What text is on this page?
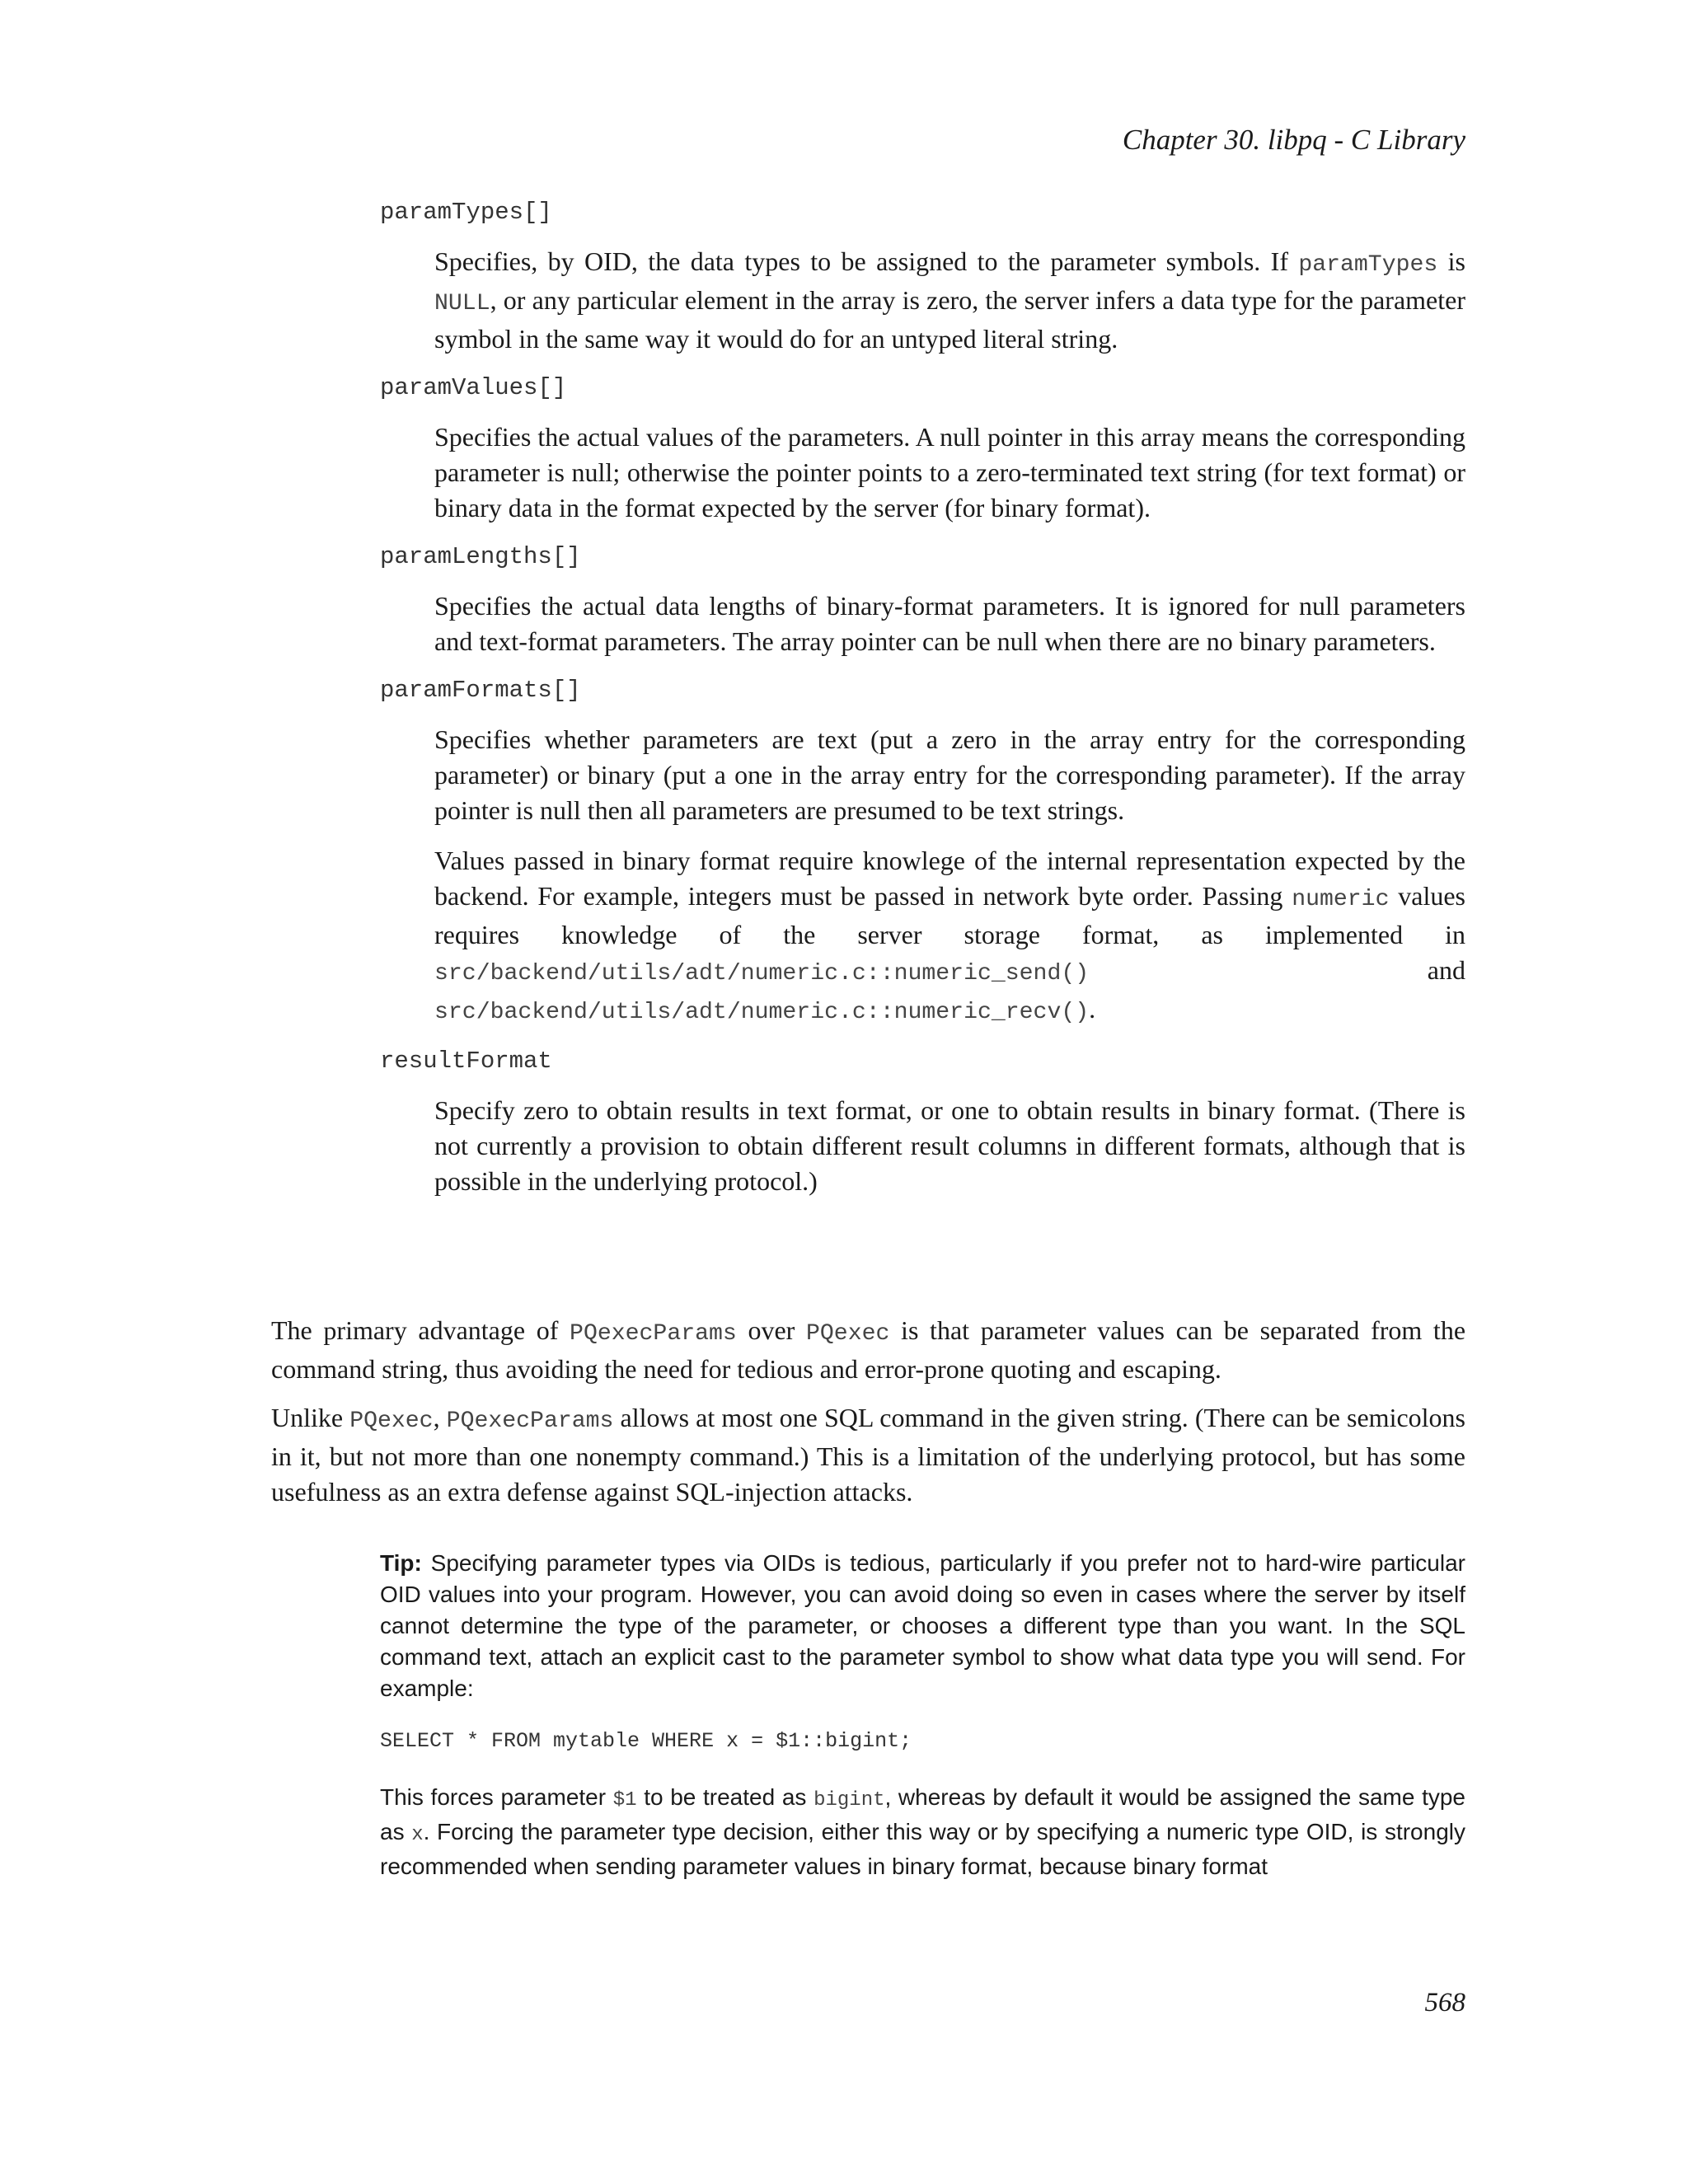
Chapter 30. libpq - C Library
paramTypes[]

Specifies, by OID, the data types to be assigned to the parameter symbols. If paramTypes is NULL, or any particular element in the array is zero, the server infers a data type for the parameter symbol in the same way it would do for an untyped literal string.

paramValues[]

Specifies the actual values of the parameters. A null pointer in this array means the corresponding parameter is null; otherwise the pointer points to a zero-terminated text string (for text format) or binary data in the format expected by the server (for binary format).

paramLengths[]

Specifies the actual data lengths of binary-format parameters. It is ignored for null parameters and text-format parameters. The array pointer can be null when there are no binary parameters.

paramFormats[]

Specifies whether parameters are text (put a zero in the array entry for the corresponding parameter) or binary (put a one in the array entry for the corresponding parameter). If the array pointer is null then all parameters are presumed to be text strings.

Values passed in binary format require knowlege of the internal representation expected by the backend. For example, integers must be passed in network byte order. Passing numeric values requires knowledge of the server storage format, as implemented in src/backend/utils/adt/numeric.c::numeric_send() and src/backend/utils/adt/numeric.c::numeric_recv().

resultFormat

Specify zero to obtain results in text format, or one to obtain results in binary format. (There is not currently a provision to obtain different result columns in different formats, although that is possible in the underlying protocol.)

The primary advantage of PQexecParams over PQexec is that parameter values can be separated from the command string, thus avoiding the need for tedious and error-prone quoting and escaping.

Unlike PQexec, PQexecParams allows at most one SQL command in the given string. (There can be semicolons in it, but not more than one nonempty command.) This is a limitation of the underlying protocol, but has some usefulness as an extra defense against SQL-injection attacks.

Tip: Specifying parameter types via OIDs is tedious, particularly if you prefer not to hard-wire particular OID values into your program. However, you can avoid doing so even in cases where the server by itself cannot determine the type of the parameter, or chooses a different type than you want. In the SQL command text, attach an explicit cast to the parameter symbol to show what data type you will send. For example:

SELECT * FROM mytable WHERE x = $1::bigint;

This forces parameter $1 to be treated as bigint, whereas by default it would be assigned the same type as x. Forcing the parameter type decision, either this way or by specifying a numeric type OID, is strongly recommended when sending parameter values in binary format, because binary format

568
